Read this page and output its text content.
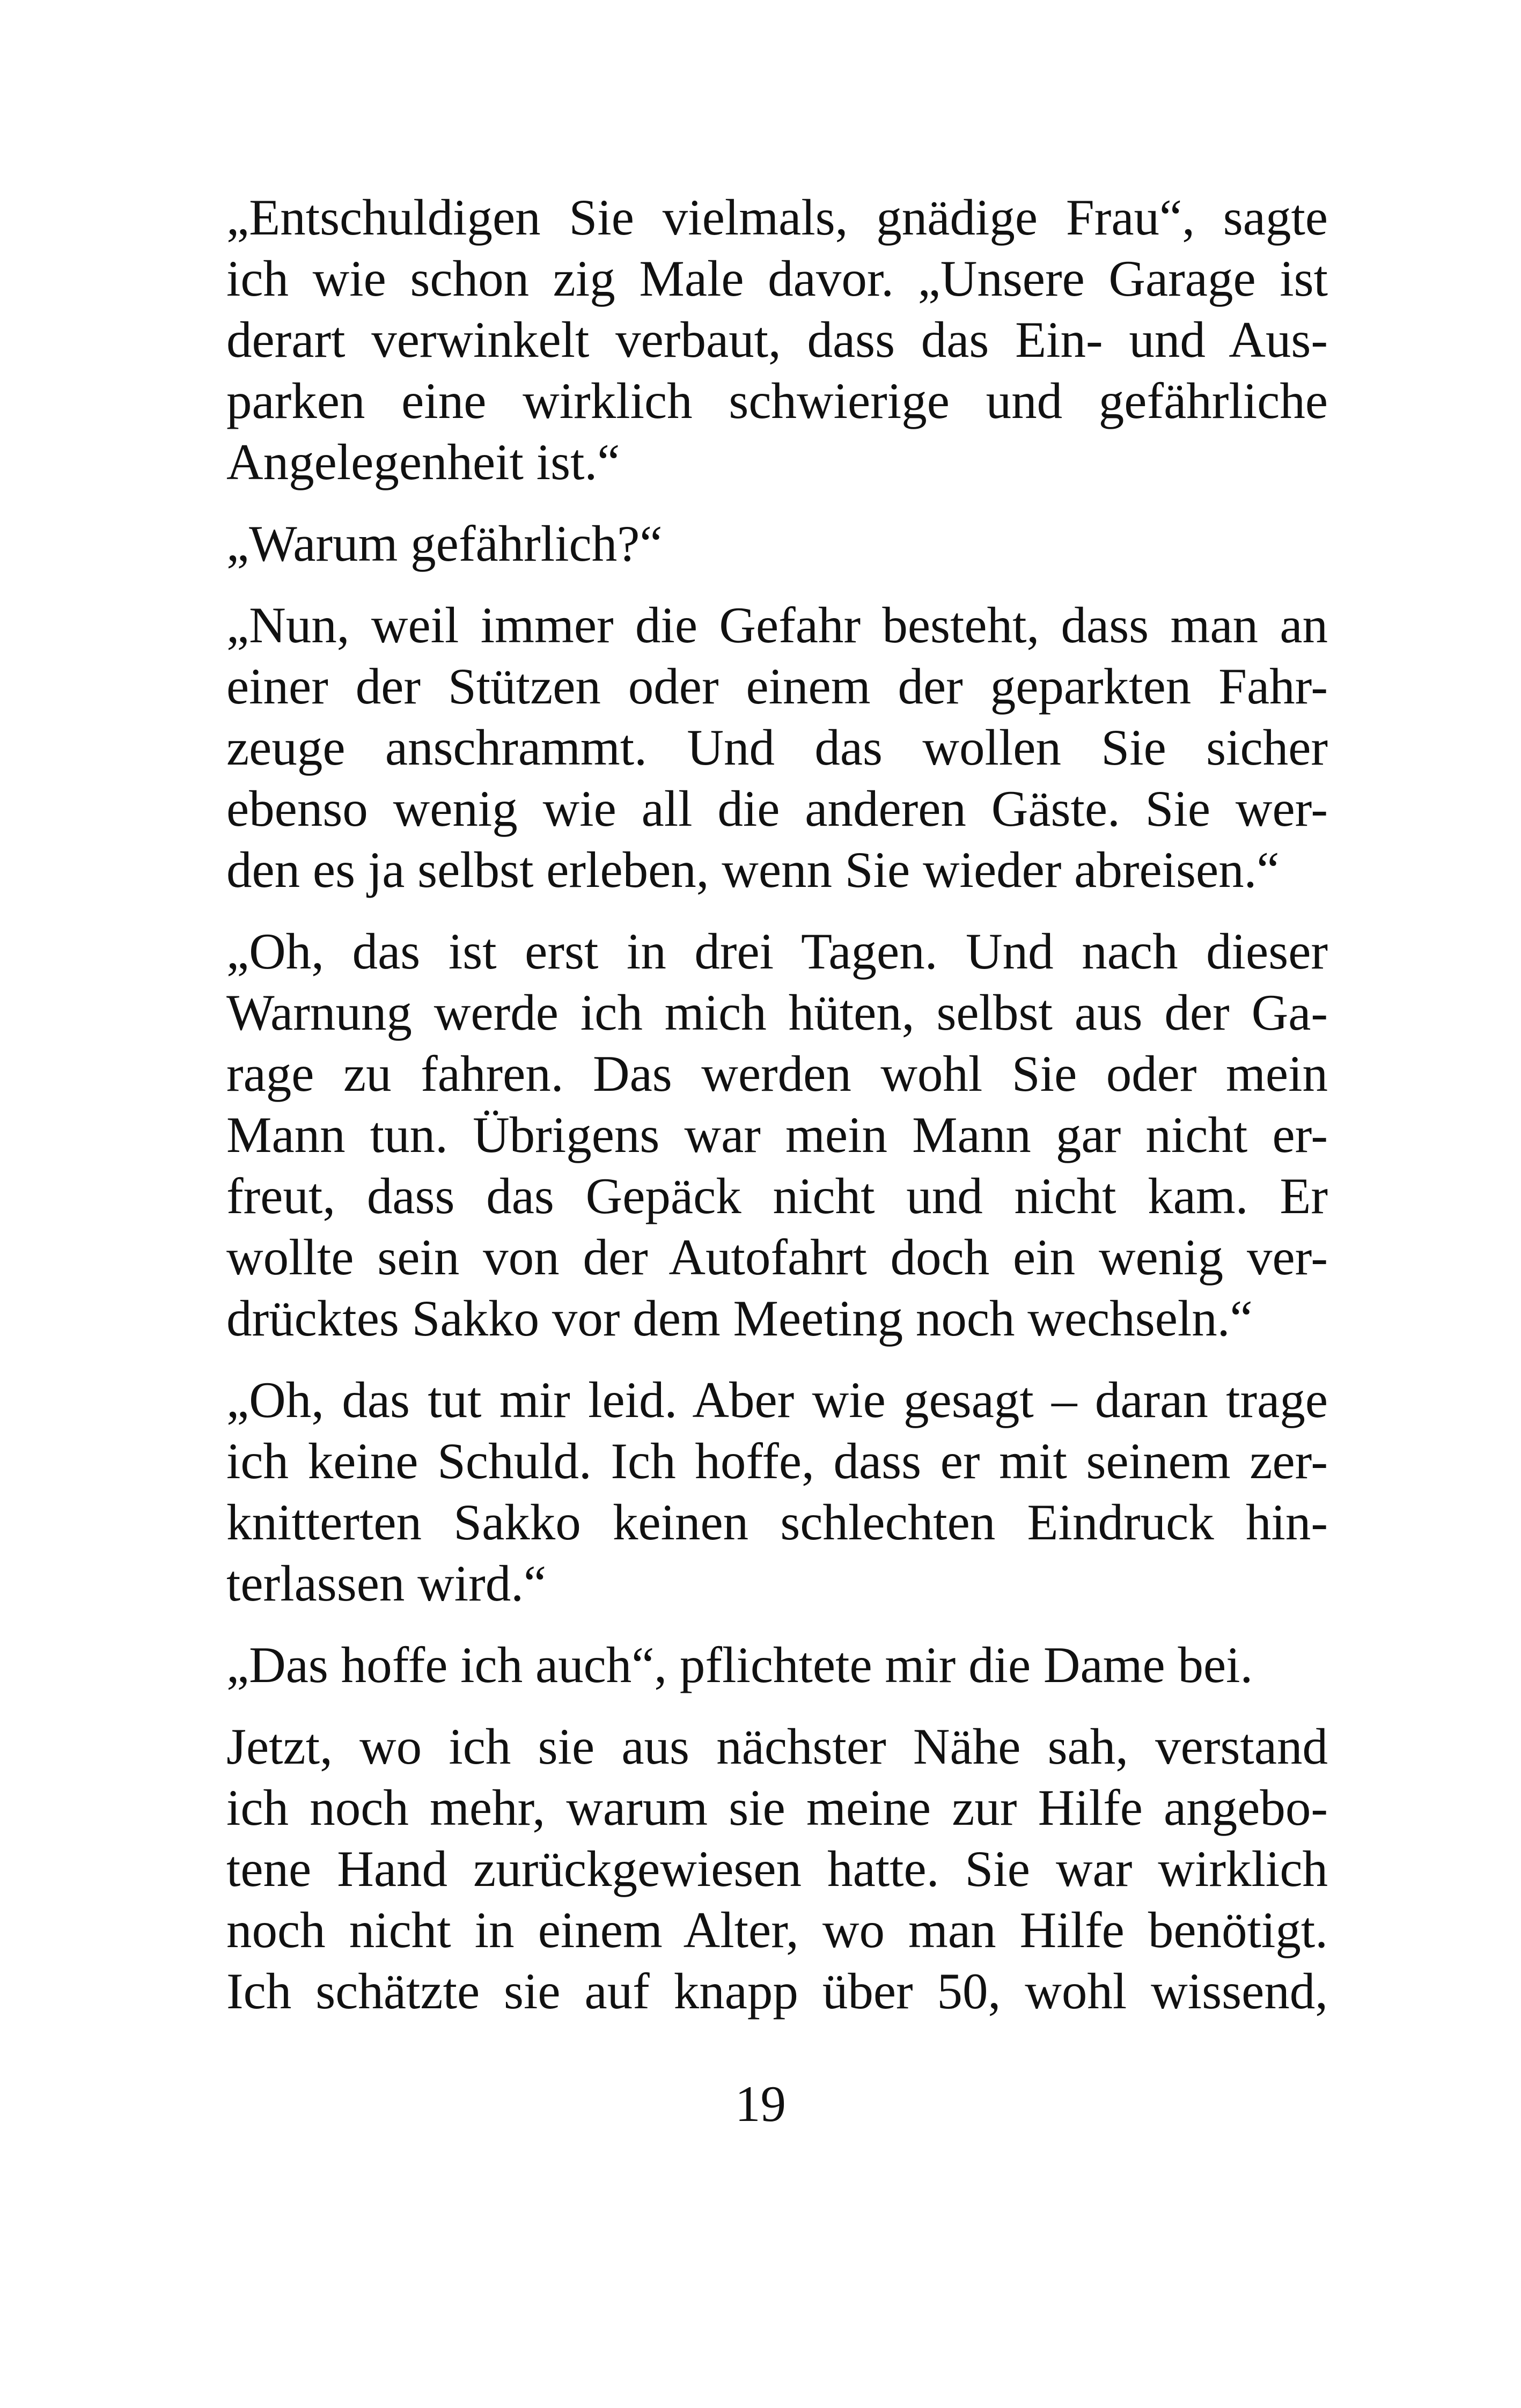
„Entschuldigen Sie vielmals, gnädige Frau“, sagte
ich wie schon zig Male davor. „Unsere Garage ist
derart verwinkelt verbaut, dass das Ein- und Aus-
parken eine wirklich schwierige und gefährliche
Angelegenheit ist.“

„Warum gefährlich?“

„Nun, weil immer die Gefahr besteht, dass man an
einer der Stützen oder einem der geparkten Fahr-
zeuge anschrammt. Und das wollen Sie sicher
ebenso wenig wie all die anderen Gäste. Sie wer-
den es ja selbst erleben, wenn Sie wieder abreisen.“

„Oh, das ist erst in drei Tagen. Und nach dieser
Warnung werde ich mich hüten, selbst aus der Ga-
rage zu fahren. Das werden wohl Sie oder mein
Mann tun. Übrigens war mein Mann gar nicht er-
freut, dass das Gepäck nicht und nicht kam. Er
wollte sein von der Autofahrt doch ein wenig ver-
drücktes Sakko vor dem Meeting noch wechseln.“

„Oh, das tut mir leid. Aber wie gesagt – daran trage
ich keine Schuld. Ich hoffe, dass er mit seinem zer-
knitterten Sakko keinen schlechten Eindruck hin-
terlassen wird.“

„Das hoffe ich auch“, pflichtete mir die Dame bei.

Jetzt, wo ich sie aus nächster Nähe sah, verstand
ich noch mehr, warum sie meine zur Hilfe angebo-
tene Hand zurückgewiesen hatte. Sie war wirklich
noch nicht in einem Alter, wo man Hilfe benötigt.
Ich schätzte sie auf knapp über 50, wohl wissend,

19
